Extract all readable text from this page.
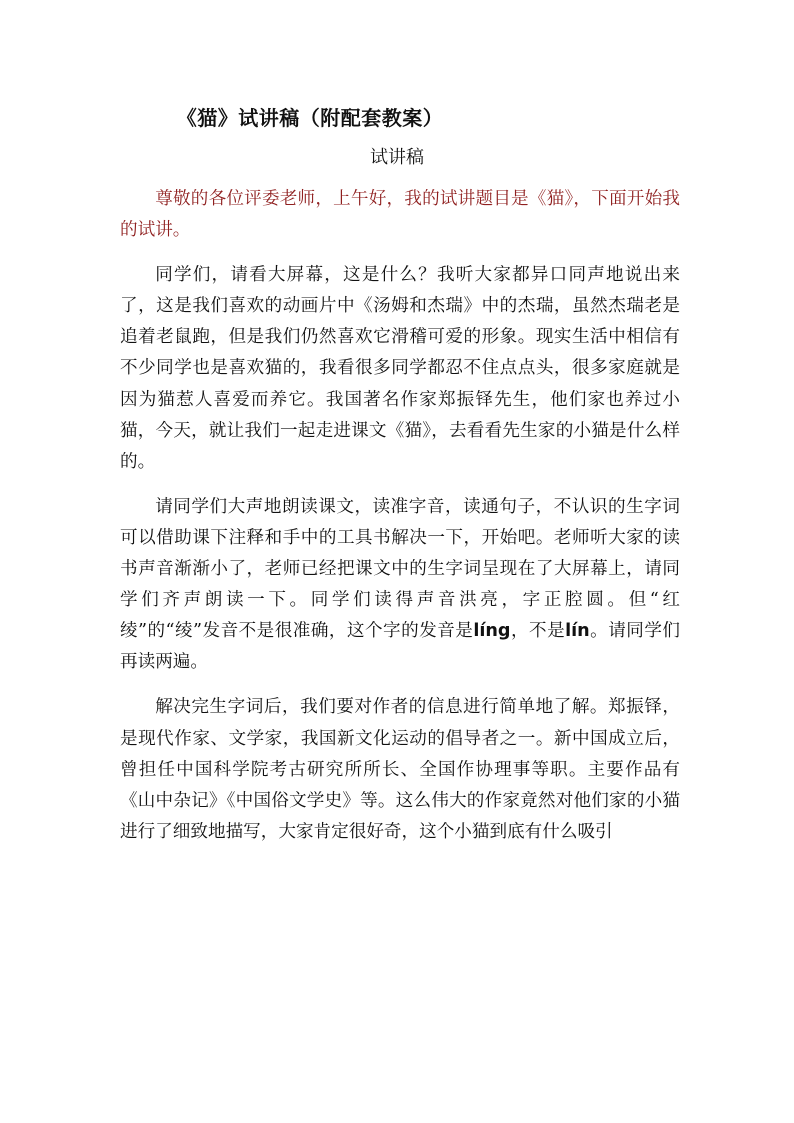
《猫》试讲稿（附配套教案）
试讲稿

尊敬的各位评委老师，上午好，我的试讲题目是《猫》，下面开始我的试讲。

同学们，请看大屏幕，这是什么？我听大家都异口同声地说出来了，这是我们喜欢的动画片中《汤姆和杰瑞》中的杰瑞，虽然杰瑞老是追着老鼠跑，但是我们仍然喜欢它滑稽可爱的形象。现实生活中相信有不少同学也是喜欢猫的，我看很多同学都忍不住点点头，很多家庭就是因为猫惹人喜爱而养它。我国著名作家郑振铎先生，他们家也养过小猫，今天，就让我们一起走进课文《猫》，去看看先生家的小猫是什么样的。

请同学们大声地朗读课文，读准字音，读通句子，不认识的生字词可以借助课下注释和手中的工具书解决一下，开始吧。老师听大家的读书声音渐渐小了，老师已经把课文中的生字词呈现在了大屏幕上，请同学们齐声朗读一下。同学们读得声音洪亮，字正腔圆。但“红绫”的“绫”发音不是很准确，这个字的发音是líng，不是lín。请同学们再读两遍。

解决完生字词后，我们要对作者的信息进行简单地了解。郑振铎，是现代作家、文学家，我国新文化运动的倡导者之一。新中国成立后，曾担任中国科学院考古研究所所长、全国作协理事等职。主要作品有《山中杂记》《中国俗文学史》等。这么伟大的作家竟然对他们家的小猫进行了细致地描写，大家肯定很好奇，这个小猫到底有什么吸引
